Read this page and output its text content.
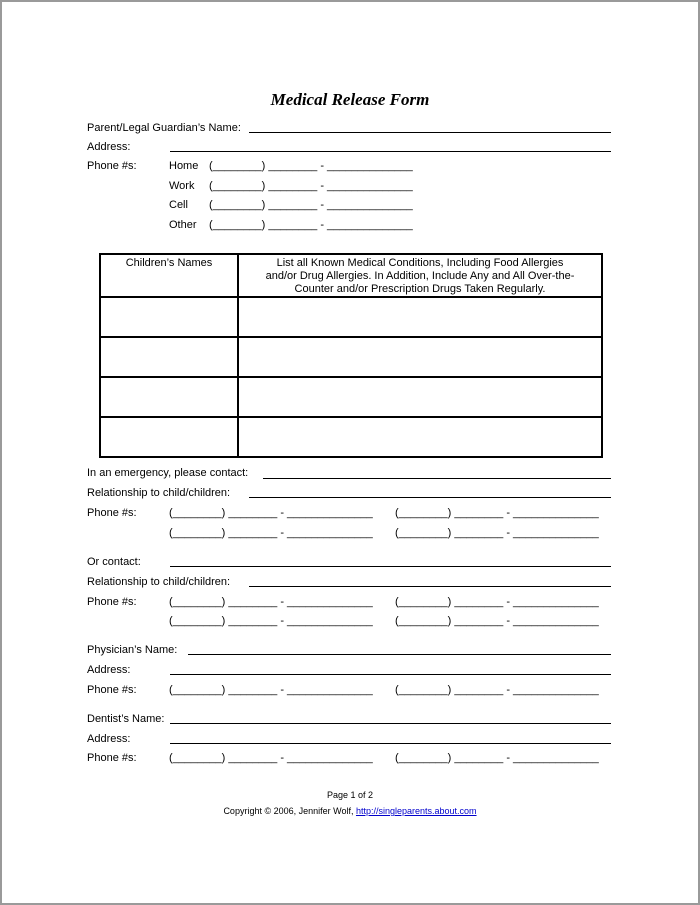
Medical Release Form
Parent/Legal Guardian’s Name:
Address:
Phone #s:	Home (________) ________ - ______________
Work (________) ________ - ______________
Cell (________) ________ - ______________
Other (________) ________ - ______________
Children’s Names	List all Known Medical Conditions, Including Food Allergies
and/or Drug Allergies. In Addition, Include Any and All Over-the-
Counter and/or Prescription Drugs Taken Regularly.

In an emergency, please contact:
Relationship to child/children:
Phone #s:	(________) ________ - ______________ (________) ________ - ______________
(________) ________ - ______________ (________) ________ - ______________
Or contact:
Relationship to child/children:
Phone #s:	(________) ________ - ______________ (________) ________ - ______________
(________) ________ - ______________ (________) ________ - ______________
Physician’s Name:
Address:
Phone #s:	(________) ________ - ______________ (________) ________ - ______________
Dentist’s Name:
Address:
Phone #s:	(________) ________ - ______________ (________) ________ - ______________
Page 1 of 2
Copyright © 2006, Jennifer Wolf, http://singleparents.about.com
